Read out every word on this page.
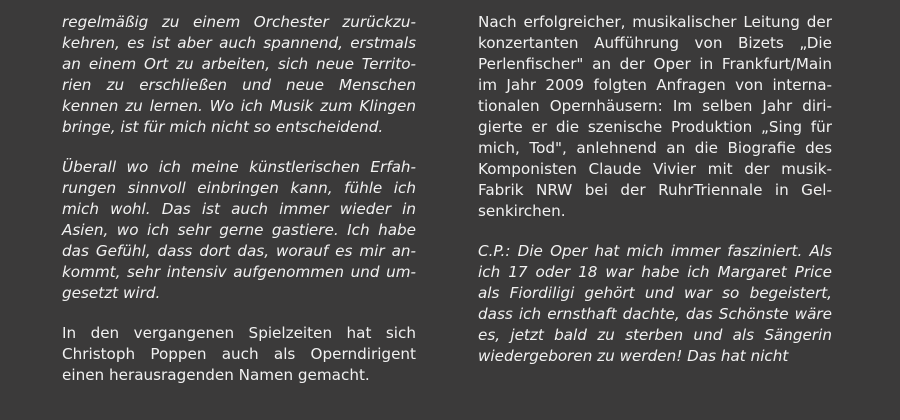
regelmäßig zu einem Orchester zurückzu-kehren, es ist aber auch spannend, erstmals an einem Ort zu arbeiten, sich neue Territo-rien zu erschließen und neue Menschen kennen zu lernen. Wo ich Musik zum Klingen bringe, ist für mich nicht so entscheidend.

Überall wo ich meine künstlerischen Erfah-rungen sinnvoll einbringen kann, fühle ich mich wohl. Das ist auch immer wieder in Asien, wo ich sehr gerne gastiere. Ich habe das Gefühl, dass dort das, worauf es mir an-kommt, sehr intensiv aufgenommen und um-gesetzt wird.

In den vergangenen Spielzeiten hat sich Christoph Poppen auch als Operndirigent einen herausragenden Namen gemacht.

Nach erfolgreicher, musikalischer Leitung der konzertanten Aufführung von Bizets „Die Perlenfischer" an der Oper in Frankfurt/Main im Jahr 2009 folgten Anfragen von interna-tionalen Opernhäusern: Im selben Jahr diri-gierte er die szenische Produktion „Sing für mich, Tod", anlehnend an die Biografie des Komponisten Claude Vivier mit der musik-Fabrik NRW bei der RuhrTriennale in Gel-senkirchen.

C.P.: Die Oper hat mich immer fasziniert. Als ich 17 oder 18 war habe ich Margaret Price als Fiordiligi gehört und war so begeistert, dass ich ernsthaft dachte, das Schönste wäre es, jetzt bald zu sterben und als Sängerin wiedergeboren zu werden! Das hat nicht
